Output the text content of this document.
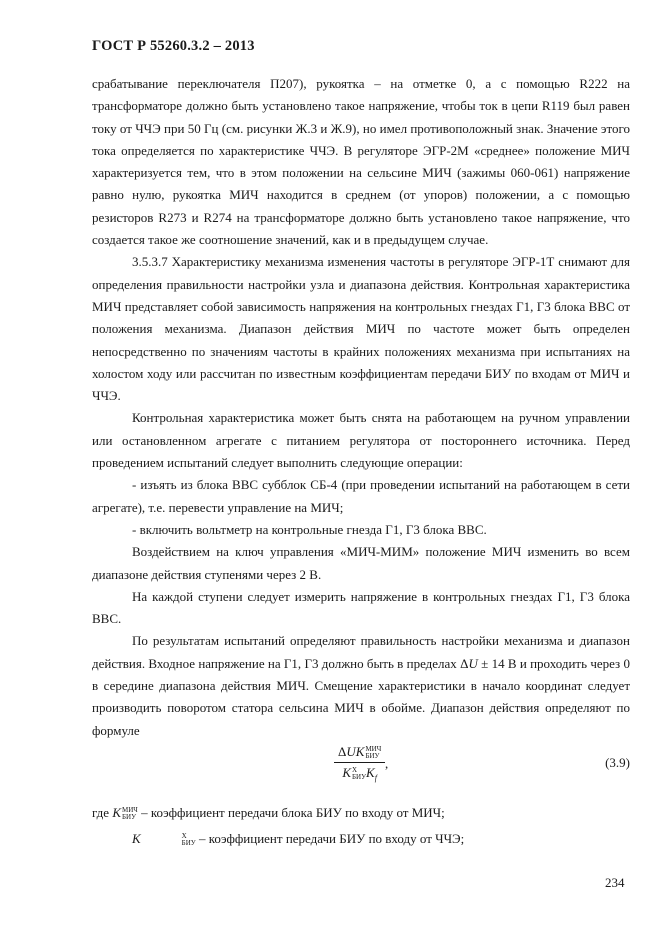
ГОСТ Р 55260.3.2 – 2013

срабатывание переключателя П207), рукоятка – на отметке 0, а с помощью R222 на трансформаторе должно быть установлено такое напряжение, чтобы ток в цепи R119 был равен току от ЧЧЭ при 50 Гц (см. рисунки Ж.3 и Ж.9), но имел противоположный знак. Значение этого тока определяется по характеристике ЧЧЭ. В регуляторе ЭГР-2М «среднее» положение МИЧ характеризуется тем, что в этом положении на сельсине МИЧ (зажимы 060-061) напряжение равно нулю, рукоятка МИЧ находится в среднем (от упоров) положении, а с помощью резисторов R273 и R274 на трансформаторе должно быть установлено такое напряжение, что создается такое же соотношение значений, как и в предыдущем случае.

3.5.3.7 Характеристику механизма изменения частоты в регуляторе ЭГР-1Т снимают для определения правильности настройки узла и диапазона действия. Контрольная характеристика МИЧ представляет собой зависимость напряжения на контрольных гнездах Г1, Г3 блока ВВС от положения механизма. Диапазон действия МИЧ по частоте может быть определен непосредственно по значениям частоты в крайних положениях механизма при испытаниях на холостом ходу или рассчитан по известным коэффициентам передачи БИУ по входам от МИЧ и ЧЧЭ.

Контрольная характеристика может быть снята на работающем на ручном управлении или остановленном агрегате с питанием регулятора от постороннего источника. Перед проведением испытаний следует выполнить следующие операции:

- изъять из блока ВВС субблок СБ-4 (при проведении испытаний на работающем в сети агрегате), т.е. перевести управление на МИЧ;

- включить вольтметр на контрольные гнезда Г1, Г3 блока ВВС.

Воздействием на ключ управления «МИЧ-МИМ» положение МИЧ изменить во всем диапазоне действия ступенями через 2 В.

На каждой ступени следует измерить напряжение в контрольных гнездах Г1, Г3 блока ВВС.

По результатам испытаний определяют правильность настройки механизма и диапазон действия. Входное напряжение на Г1, Г3 должно быть в пределах ΔU ± 14 В и проходить через 0 в середине диапазона действия МИЧ. Смещение характеристики в начало координат следует производить поворотом статора сельсина МИЧ в обойме. Диапазон действия определяют по формуле

ΔUK МИЧ
БИУ
K Х
БИУ $K_f$
,	(3.9)

где K МИЧ
БИУ – коэффициент передачи блока БИУ по входу от МИЧ;

K	Х
БИУ – коэффициент передачи БИУ по входу от ЧЧЭ;

234
